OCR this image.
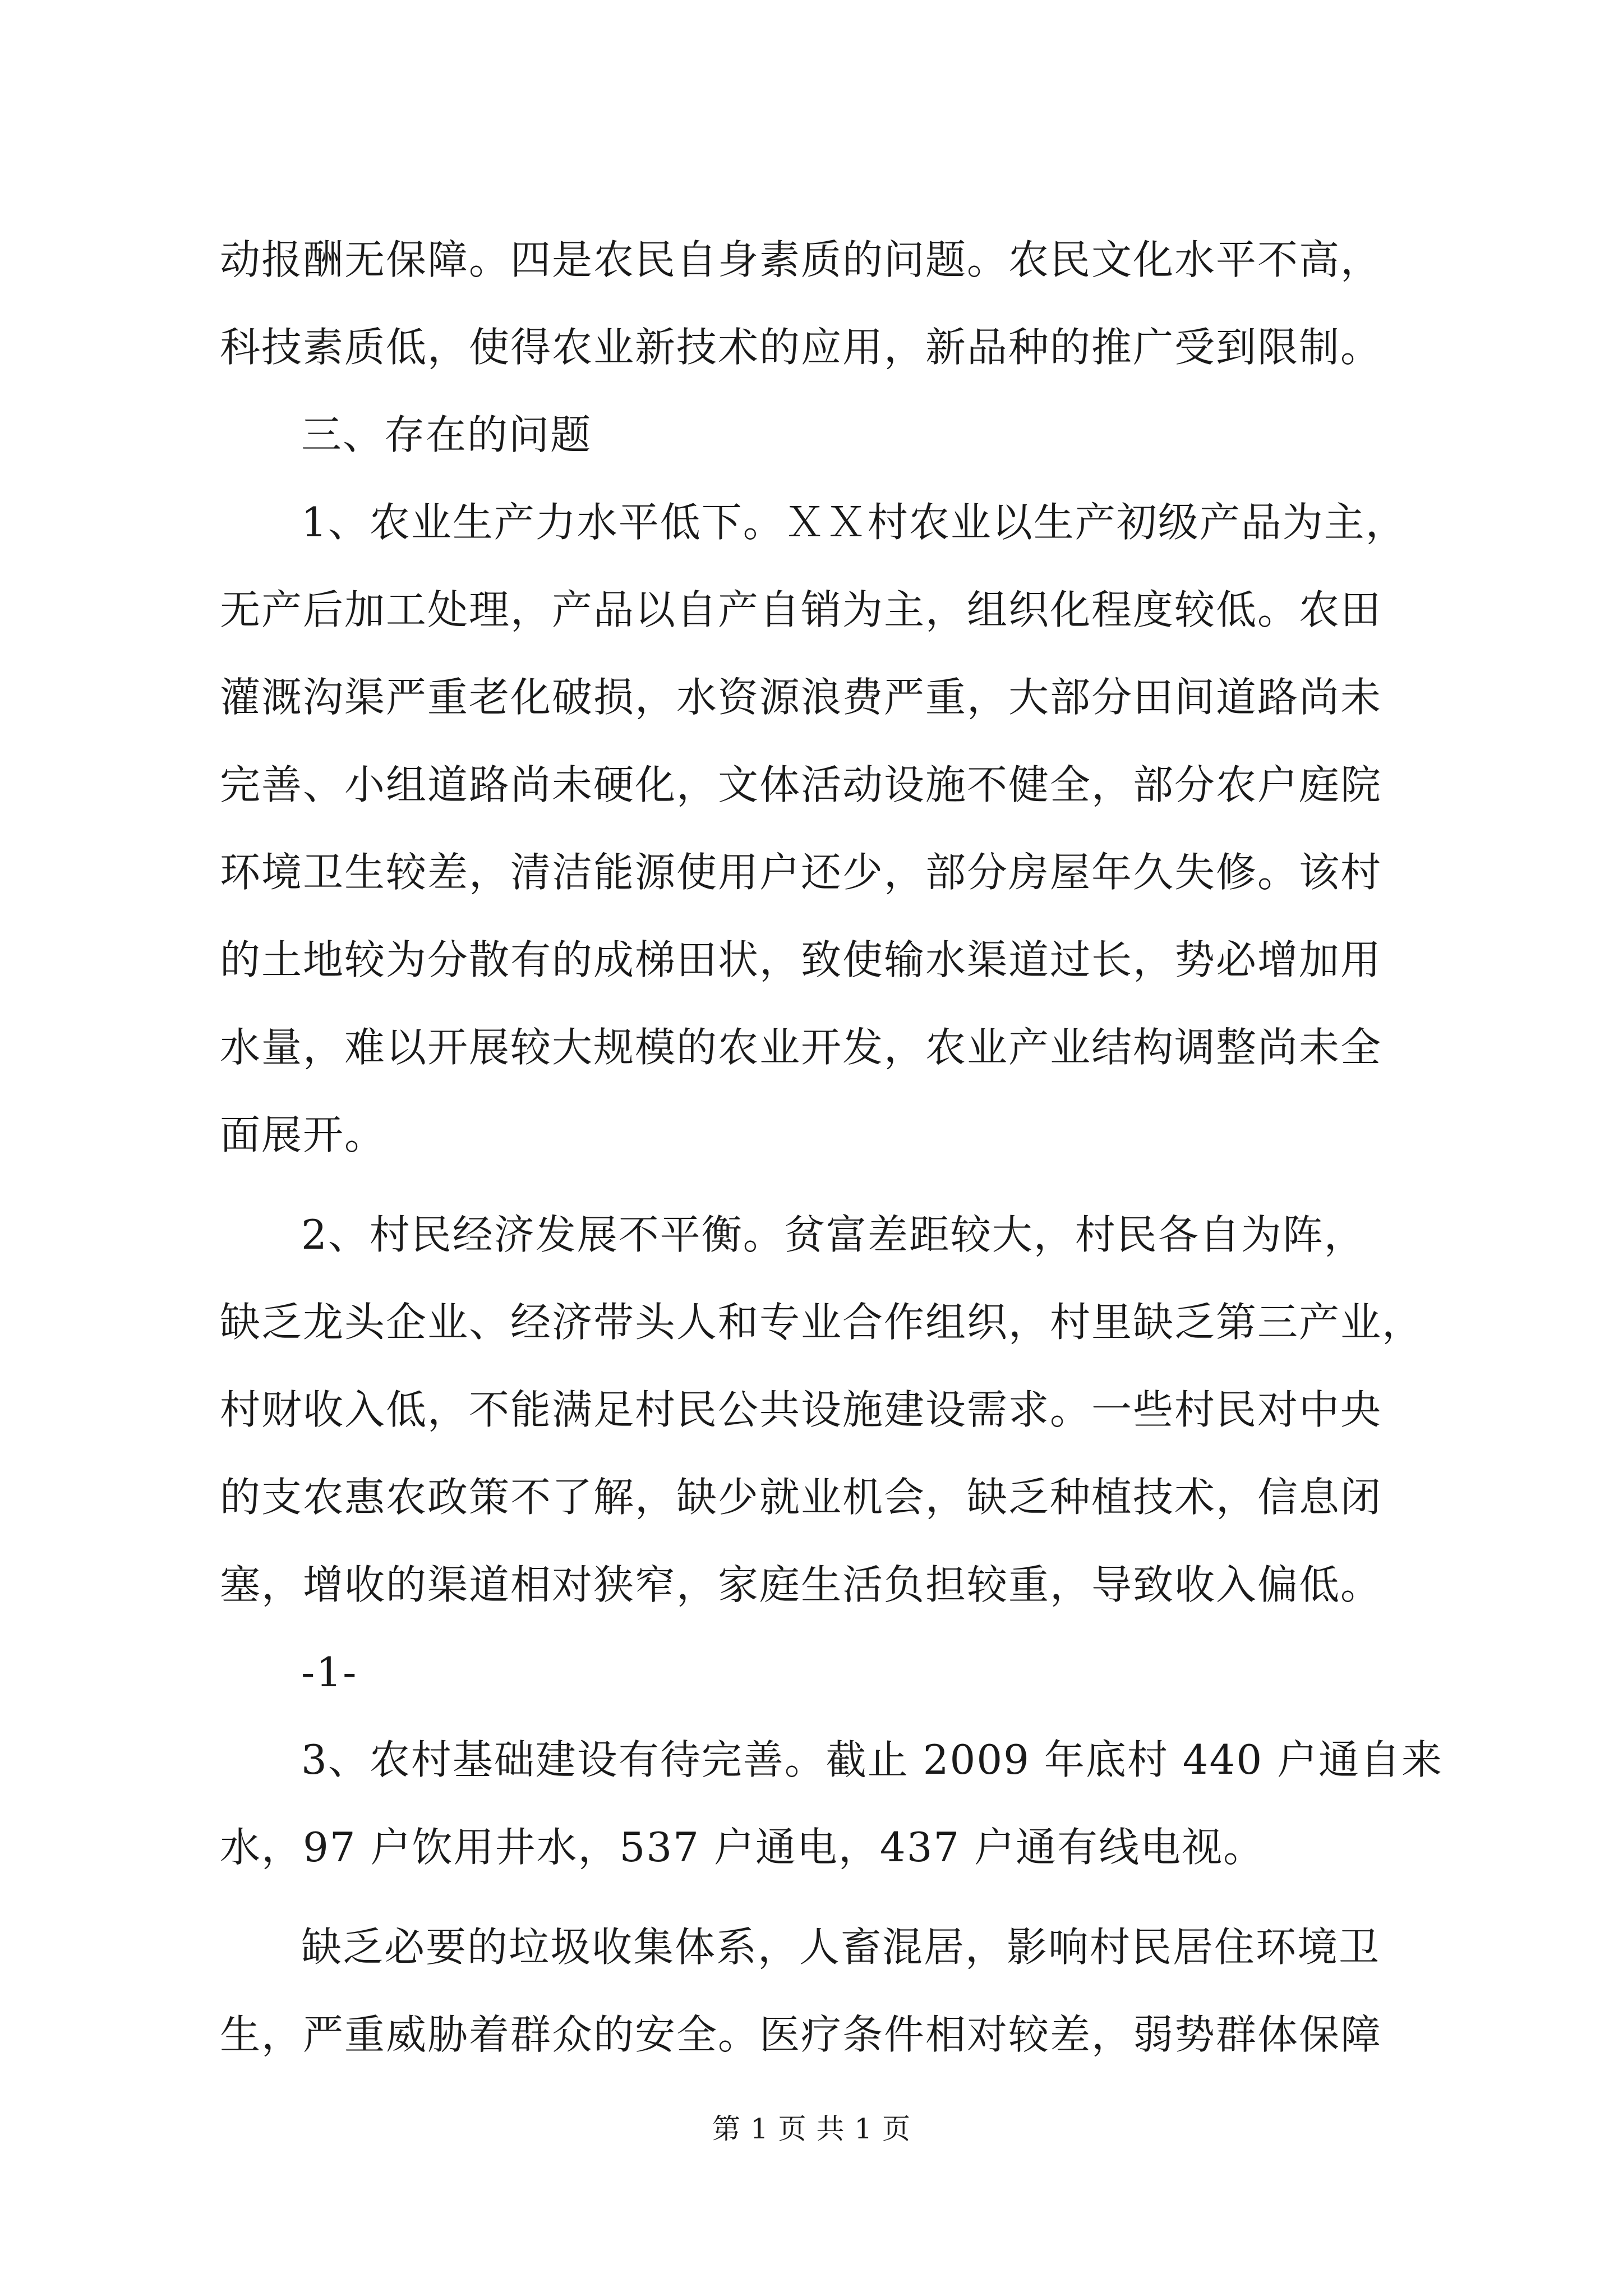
动报酬无保障。四是农民自身素质的问题。农民文化水平不高，
科技素质低，使得农业新技术的应用，新品种的推广受到限制。
三、存在的问题
1、农业生产力水平低下。ＸＸ村农业以生产初级产品为主，
无产后加工处理，产品以自产自销为主，组织化程度较低。农田
灌溉沟渠严重老化破损，水资源浪费严重，大部分田间道路尚未
完善、小组道路尚未硬化，文体活动设施不健全，部分农户庭院
环境卫生较差，清洁能源使用户还少，部分房屋年久失修。该村
的土地较为分散有的成梯田状，致使输水渠道过长，势必增加用
水量，难以开展较大规模的农业开发，农业产业结构调整尚未全
面展开。
2、村民经济发展不平衡。贫富差距较大，村民各自为阵，
缺乏龙头企业、经济带头人和专业合作组织，村里缺乏第三产业，
村财收入低，不能满足村民公共设施建设需求。一些村民对中央
的支农惠农政策不了解，缺少就业机会，缺乏种植技术，信息闭
塞，增收的渠道相对狭窄，家庭生活负担较重，导致收入偏低。
-1-
3、农村基础建设有待完善。截止 2009 年底村 440 户通自来
水，97 户饮用井水，537 户通电，437 户通有线电视。
缺乏必要的垃圾收集体系，人畜混居，影响村民居住环境卫
生，严重威胁着群众的安全。医疗条件相对较差，弱势群体保障
第 1 页 共 1 页
